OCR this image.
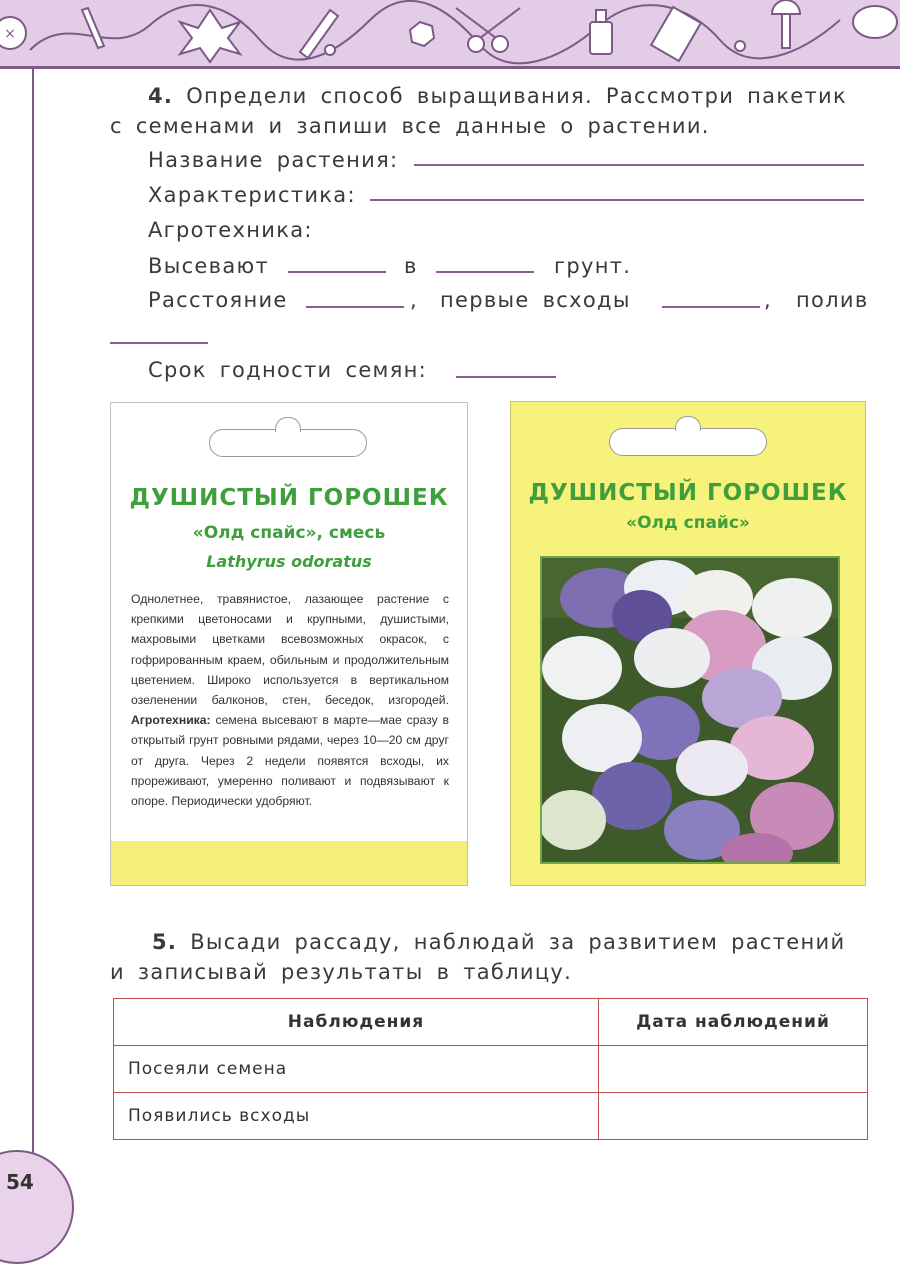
×
4. Определи способ выращивания. Рассмотри пакетик
с семенами и запиши все данные о растении.
Название растения:
Характеристика:
Агротехника:
Высевают	в	грунт.
Расстояние	, первые всходы	, полив
Срок годности семян:
ДУШИСТЫЙ ГОРОШЕК
«Олд спайс», смесь
Lathyrus odoratus
Однолетнее, травянистое, лазающее растение с крепкими цветоносами и крупными, душистыми, махровыми цветками всевозможных окрасок, с гофрированным краем, обильным и продолжительным цветением. Широко используется в вертикальном озеленении балконов, стен, беседок, изгородей. Агротехника: семена высевают в марте—мае сразу в открытый грунт ровными рядами, через 10—20 см друг от друга. Через 2 недели появятся всходы, их прореживают, умеренно поливают и подвязывают к опоре. Периодически удобряют.
ДУШИСТЫЙ ГОРОШЕК
«Олд спайс»
5. Высади рассаду, наблюдай за развитием растений
и записывай результаты в таблицу.
Наблюдения	Дата наблюдений
Посеяли семена	
Появились всходы	
54
